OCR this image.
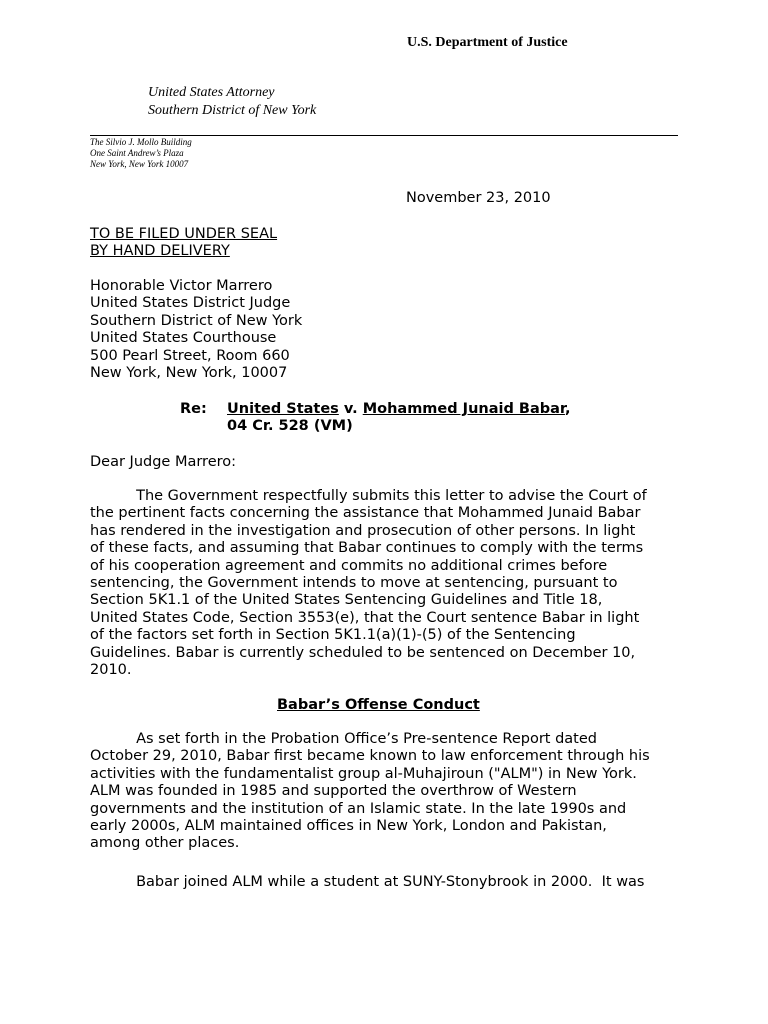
U.S. Department of Justice
United States Attorney
Southern District of New York
The Silvio J. Mollo Building
One Saint Andrew’s Plaza
New York, New York 10007
November 23, 2010
TO BE FILED UNDER SEAL
BY HAND DELIVERY
Honorable Victor Marrero
United States District Judge
Southern District of New York
United States Courthouse
500 Pearl Street, Room 660
New York, New York, 10007
Re: United States v. Mohammed Junaid Babar,
04 Cr. 528 (VM)
Dear Judge Marrero:
The Government respectfully submits this letter to advise the Court of
the pertinent facts concerning the assistance that Mohammed Junaid Babar
has rendered in the investigation and prosecution of other persons. In light
of these facts, and assuming that Babar continues to comply with the terms
of his cooperation agreement and commits no additional crimes before
sentencing, the Government intends to move at sentencing, pursuant to
Section 5K1.1 of the United States Sentencing Guidelines and Title 18,
United States Code, Section 3553(e), that the Court sentence Babar in light
of the factors set forth in Section 5K1.1(a)(1)-(5) of the Sentencing
Guidelines. Babar is currently scheduled to be sentenced on December 10,
2010.
Babar’s Offense Conduct
As set forth in the Probation Office’s Pre-sentence Report dated
October 29, 2010, Babar first became known to law enforcement through his
activities with the fundamentalist group al-Muhajiroun ("ALM") in New York.
ALM was founded in 1985 and supported the overthrow of Western
governments and the institution of an Islamic state. In the late 1990s and
early 2000s, ALM maintained offices in New York, London and Pakistan,
among other places.
Babar joined ALM while a student at SUNY-Stonybrook in 2000.  It was
